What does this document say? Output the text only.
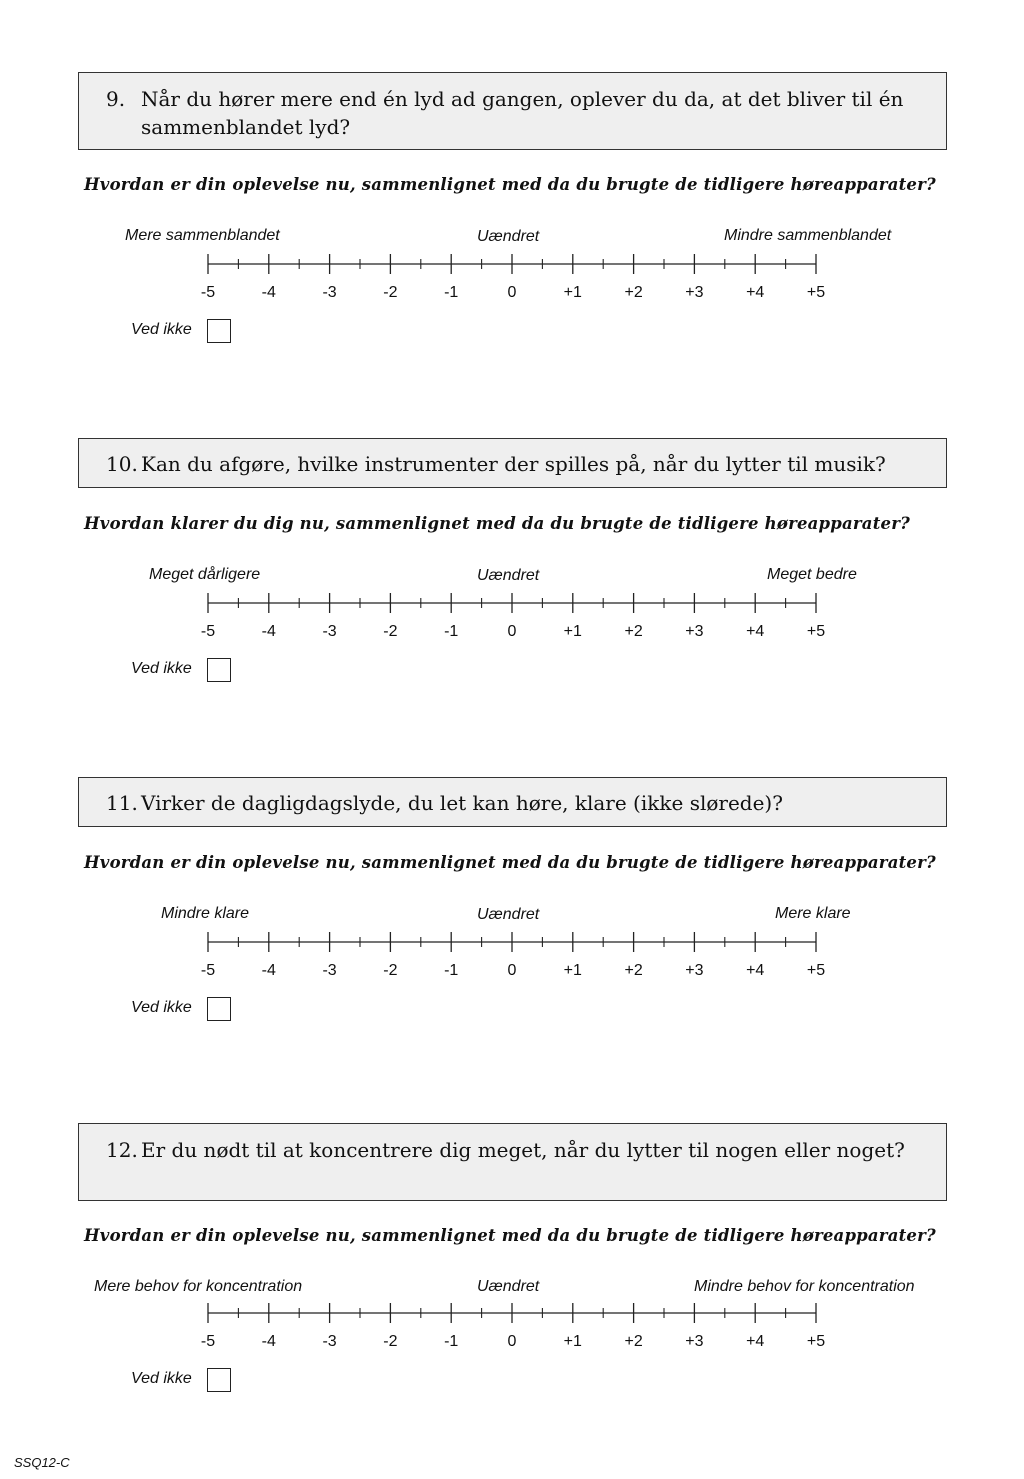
9. Når du hører mere end én lyd ad gangen, oplever du da, at det bliver til én sammenblandet lyd?
Hvordan er din oplevelse nu, sammenlignet med da du brugte de tidligere høreapparater?
Mere sammenblandet	Uændret	Mindre sammenblandet
-5	-4	-3	-2	-1	0	+1	+2	+3	+4	+5
Ved ikke
10. Kan du afgøre, hvilke instrumenter der spilles på, når du lytter til musik?
Hvordan klarer du dig nu, sammenlignet med da du brugte de tidligere høreapparater?
Meget dårligere	Uændret	Meget bedre
-5	-4	-3	-2	-1	0	+1	+2	+3	+4	+5
Ved ikke
11. Virker de dagligdagslyde, du let kan høre, klare (ikke slørede)?
Hvordan er din oplevelse nu, sammenlignet med da du brugte de tidligere høreapparater?
Mindre klare	Uændret	Mere klare
-5	-4	-3	-2	-1	0	+1	+2	+3	+4	+5
Ved ikke
12. Er du nødt til at koncentrere dig meget, når du lytter til nogen eller noget?
Hvordan er din oplevelse nu, sammenlignet med da du brugte de tidligere høreapparater?
Mere behov for koncentration	Uændret	Mindre behov for koncentration
-5	-4	-3	-2	-1	0	+1	+2	+3	+4	+5
Ved ikke
SSQ12-C
